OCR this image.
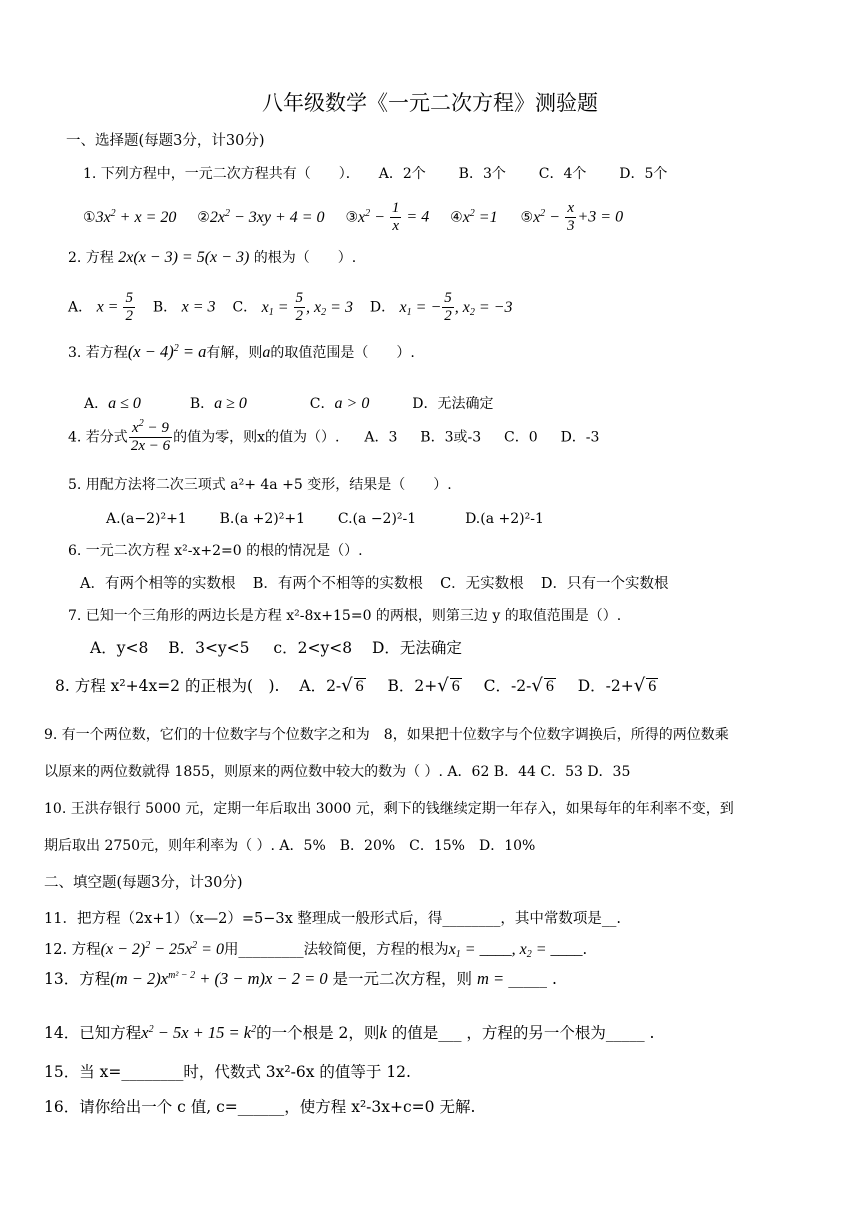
八年级数学《一元二次方程》测验题
一、选择题(每题3分，计30分)
1. 下列方程中，一元二次方程共有（　　）． A．2个 B．3个 C．4个 D．5个
$①3x^2 + x = 20$ $②2x^2 - 3xy + 4 = 0$ $③x^2 - \frac{1}{x} = 4$ $④x^2 =1$ $⑤x^2 - \frac{x}{3} +3 = 0$
2. 方程 2x(x − 3) = 5(x − 3) 的根为（　　）.
A． $x = \frac{5}{2}$ B． x = 3 C． $x_1 = \frac{5}{2}$ , $x_2 = 3$ D． $x_1$ = − $\frac{5}{2}$ , $x_2 = -3$
3. 若方程$(x - 4)^2 = a$有解，则a的取值范围是（　　）.
A．a ≤ 0	B．a ≥ 0	C．a > 0	D．无法确定
4. 若分式 $\frac{x^2 - 9}{2x - 6}$ 的值为零，则x的值为（）. A．3 B．3或-3 C．0 D．-3
5. 用配方法将二次三项式 a²+ 4a +5 变形，结果是（　　）.
A.(a−2)²+1 B.(a +2)²+1 C.(a −2)²-1	D.(a +2)²-1
6. 一元二次方程 x²-x+2=0 的根的情况是（）.
A．有两个相等的实数根 B．有两个不相等的实数根 C．无实数根 D．只有一个实数根
7. 已知一个三角形的两边长是方程 x²-8x+15=0 的两根，则第三边 y 的取值范围是（）.
A．y<8 B．3<y<5 c．2<y<8 D．无法确定
8. 方程 x²+4x=2 的正根为(　). A．2-√ 6 B．2+√ 6 C．-2-√ 6 D．-2+√ 6
9. 有一个两位数，它们的十位数字与个位数字之和为　8，如果把十位数字与个位数字调换后，所得的两位数乘
以原来的两位数就得 1855，则原来的两位数中较大的数为（ ）. A．62 B．44 C．53 D．35
10. 王洪存银行 5000 元，定期一年后取出 3000 元，剩下的钱继续定期一年存入，如果每年的年利率不变，到
期后取出 2750元，则年利率为（ ）. A．5%　B．20%　C．15%　D．10%
二、填空题(每题3分，计30分)
11．把方程（2x+1）（x—2）=5−3x 整理成一般形式后，得________，其中常数项是__.
12. 方程$(x - 2)^2 - 25x^2 = 0$用_________法较简便，方程的根为$x_1$ = ____, $x_2$ = ____.
13．方程$(m - 2)x^{m^2 - 2} + (3 - m)x - 2 = 0$ 是一元二次方程，则 m = _____ .
14．已知方程$x^2 - 5x + 15 = k^2$的一个根是 2，则k 的值是___ ，方程的另一个根为_____ .
15．当 x=________时，代数式 3x²-6x 的值等于 12.
16．请你给出一个 c 值, c=______，使方程 x²-3x+c=0 无解.
